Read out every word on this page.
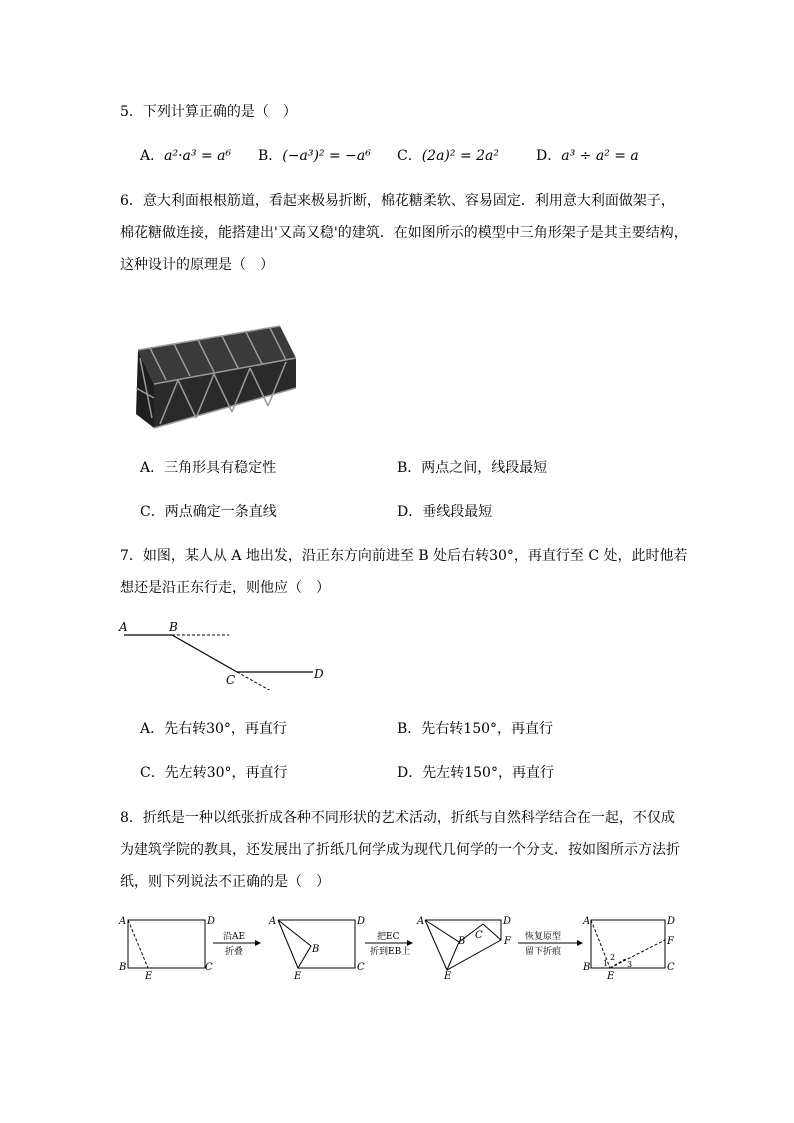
5．下列计算正确的是（　）
A．a²·a³ = a⁶ B．(−a³)² = −a⁶ C．(2a)² = 2a²	D．a³ ÷ a² = a
6．意大利面根根筋道，看起来极易折断，棉花糖柔软、容易固定．利用意大利面做架子，
棉花糖做连接，能搭建出'又高又稳'的建筑．在如图所示的模型中三角形架子是其主要结构，
这种设计的原理是（　）
A．三角形具有稳定性	B．两点之间，线段最短
C．两点确定一条直线	D．垂线段最短
7．如图，某人从 A 地出发，沿正东方向前进至 B 处后右转30°，再直行至 C 处，此时他若
想还是沿正东行走，则他应（　）
A	B
C	D
A．先右转30°，再直行	B．先右转150°，再直行
C．先左转30°，再直行	D．先左转150°，再直行
8．折纸是一种以纸张折成各种不同形状的艺术活动，折纸与自然科学结合在一起，不仅成
为建筑学院的教具，还发展出了折纸几何学成为现代几何学的一个分支．按如图所示方法折
纸，则下列说法不正确的是（　）
A	D
B
E
C
沿AE
折叠
A	D
B
E
C
把EC
折到EB上
A	D
F
B
C
E
恢复原型
留下折痕
A	D
F
B	C
E
1
2
3
